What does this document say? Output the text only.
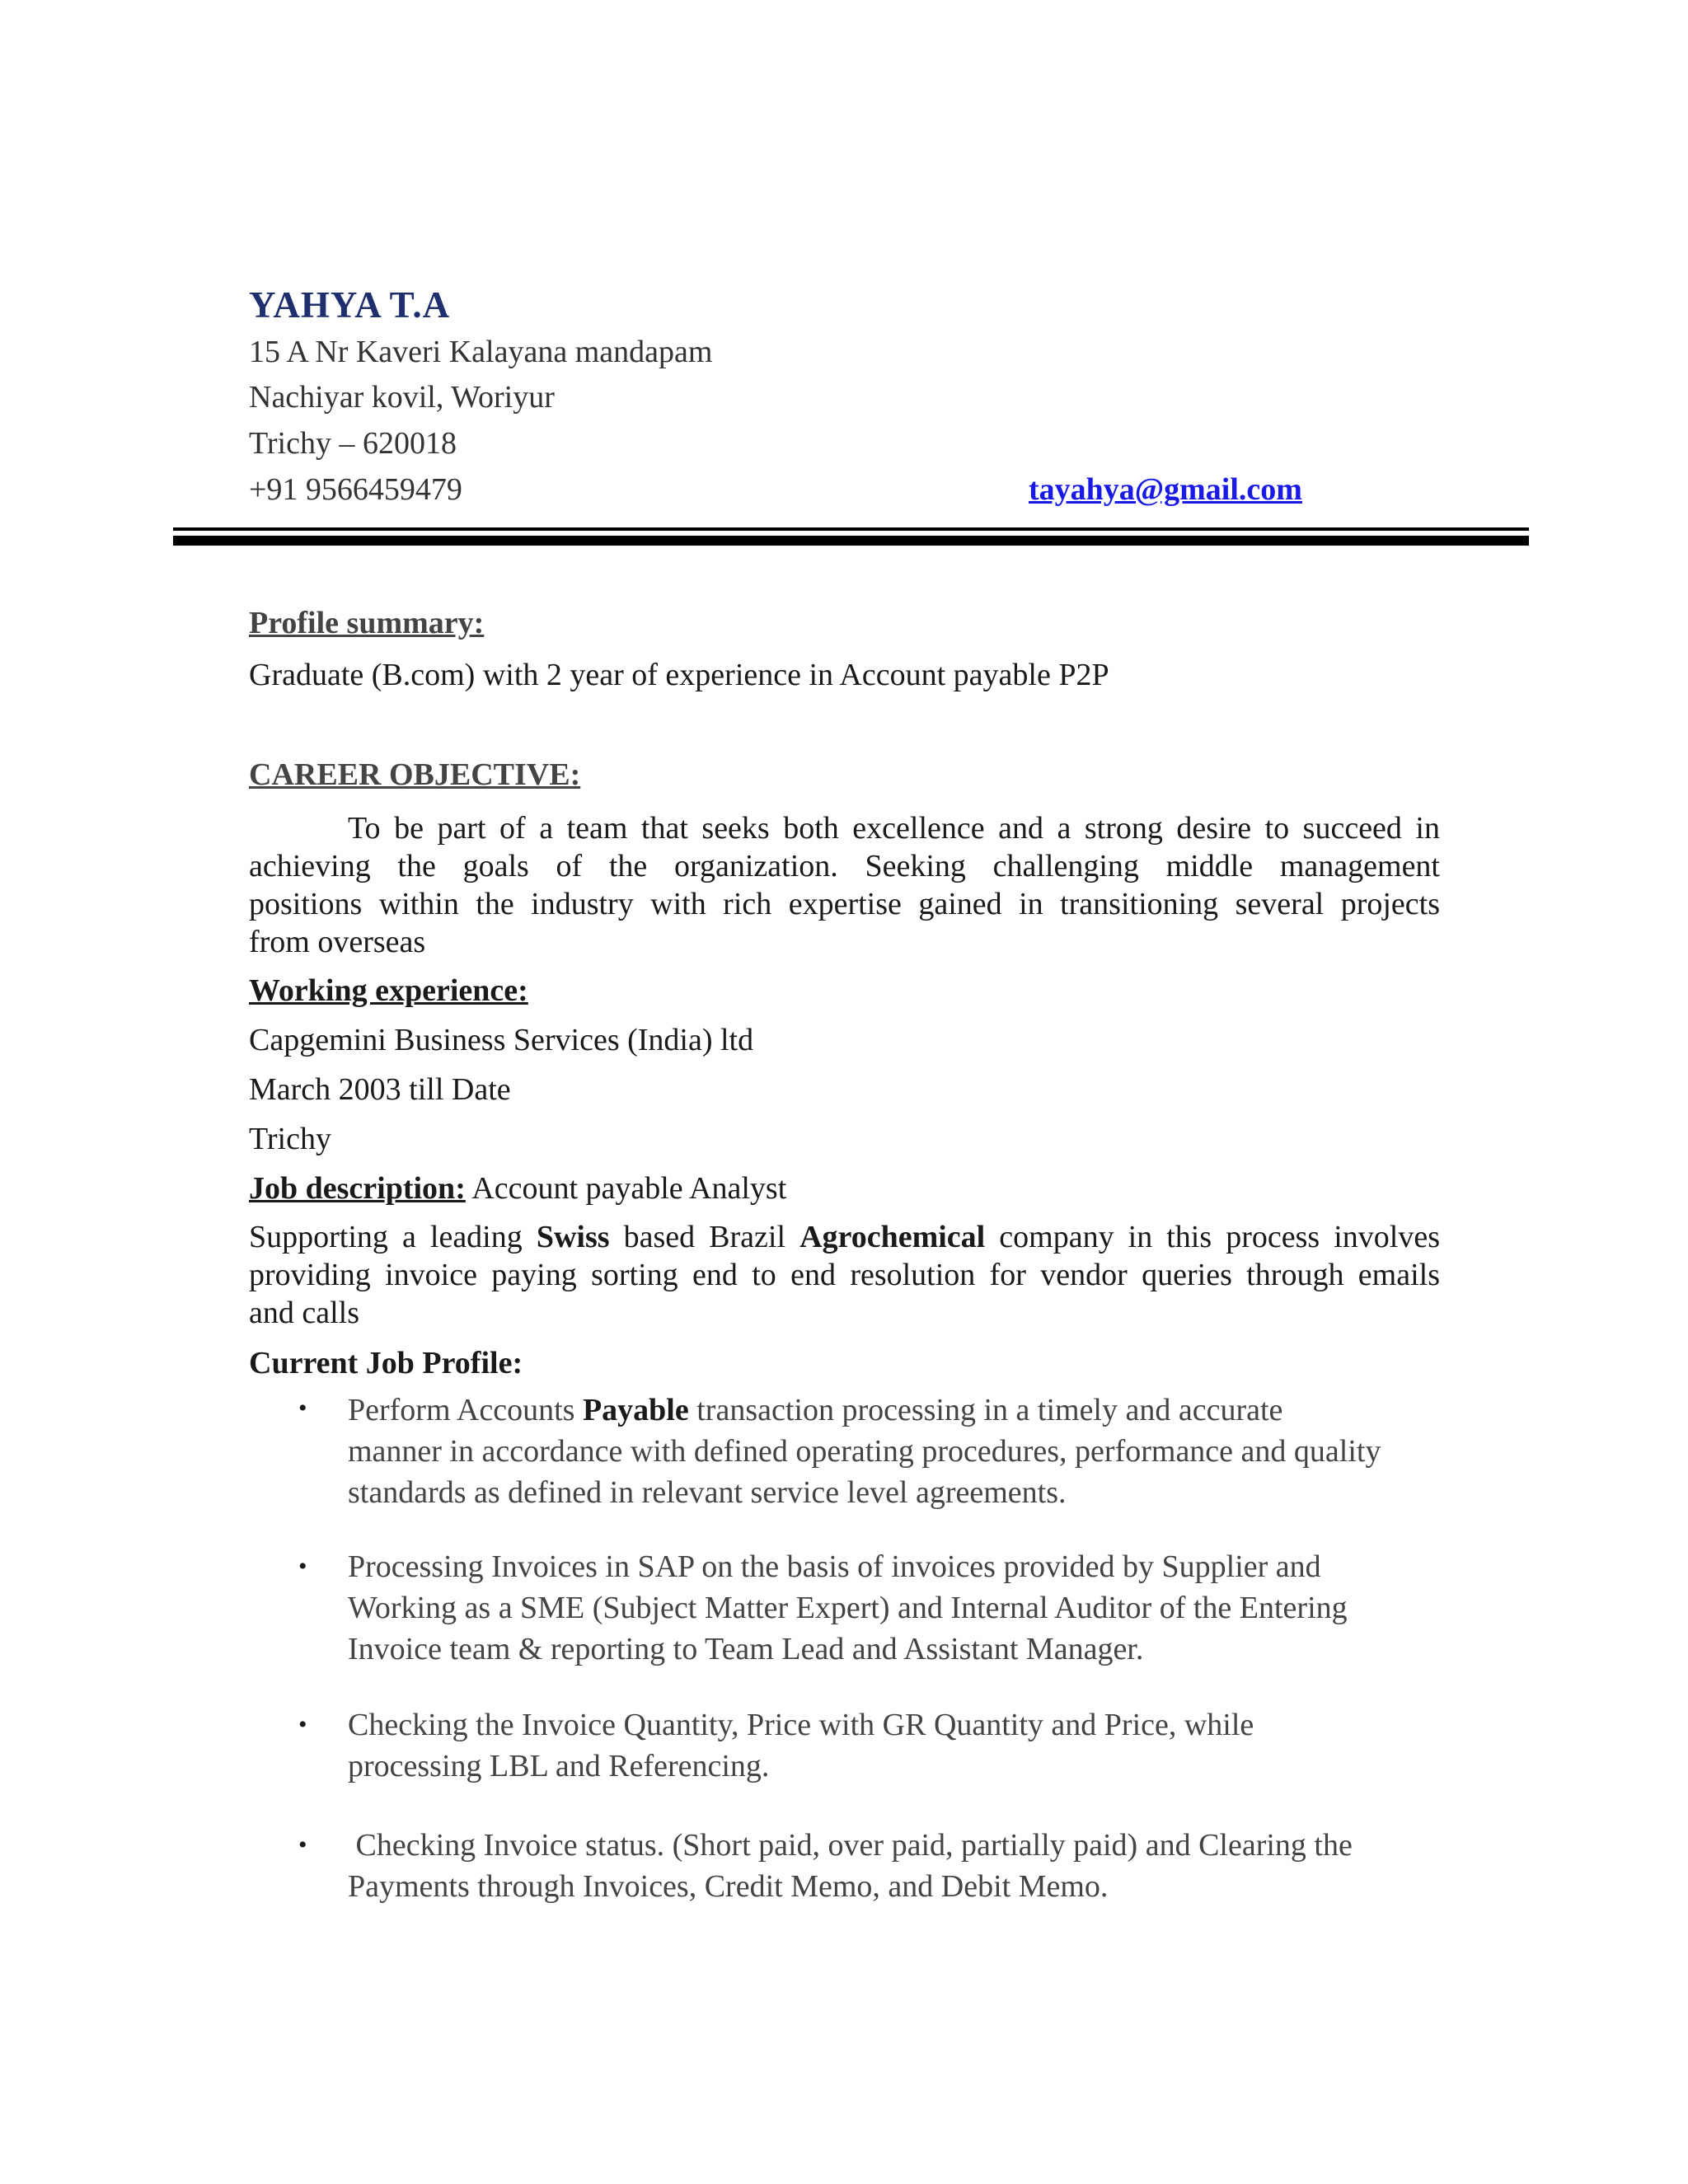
YAHYA T.A
15 A Nr Kaveri Kalayana mandapam
Nachiyar kovil, Woriyur
Trichy – 620018
+91 9566459479	tayahya@gmail.com
Profile summary:
Graduate (B.com) with 2 year of experience in Account payable P2P
CAREER OBJECTIVE:
To be part of a team that seeks both excellence and a strong desire to succeed in
achieving the goals of the organization. Seeking challenging middle management
positions within the industry with rich expertise gained in transitioning several projects
from overseas
Working experience:
Capgemini Business Services (India) ltd
March 2003 till Date
Trichy
Job description: Account payable Analyst
Supporting a leading Swiss based Brazil Agrochemical company in this process involves
providing invoice paying sorting end to end resolution for vendor queries through emails
and calls
Current Job Profile:
• Perform Accounts Payable transaction processing in a timely and accurate
manner in accordance with defined operating procedures, performance and quality
standards as defined in relevant service level agreements.
• Processing Invoices in SAP on the basis of invoices provided by Supplier and
Working as a SME (Subject Matter Expert) and Internal Auditor of the Entering
Invoice team & reporting to Team Lead and Assistant Manager.
• Checking the Invoice Quantity, Price with GR Quantity and Price, while
processing LBL and Referencing.
• Checking Invoice status. (Short paid, over paid, partially paid) and Clearing the
Payments through Invoices, Credit Memo, and Debit Memo.
